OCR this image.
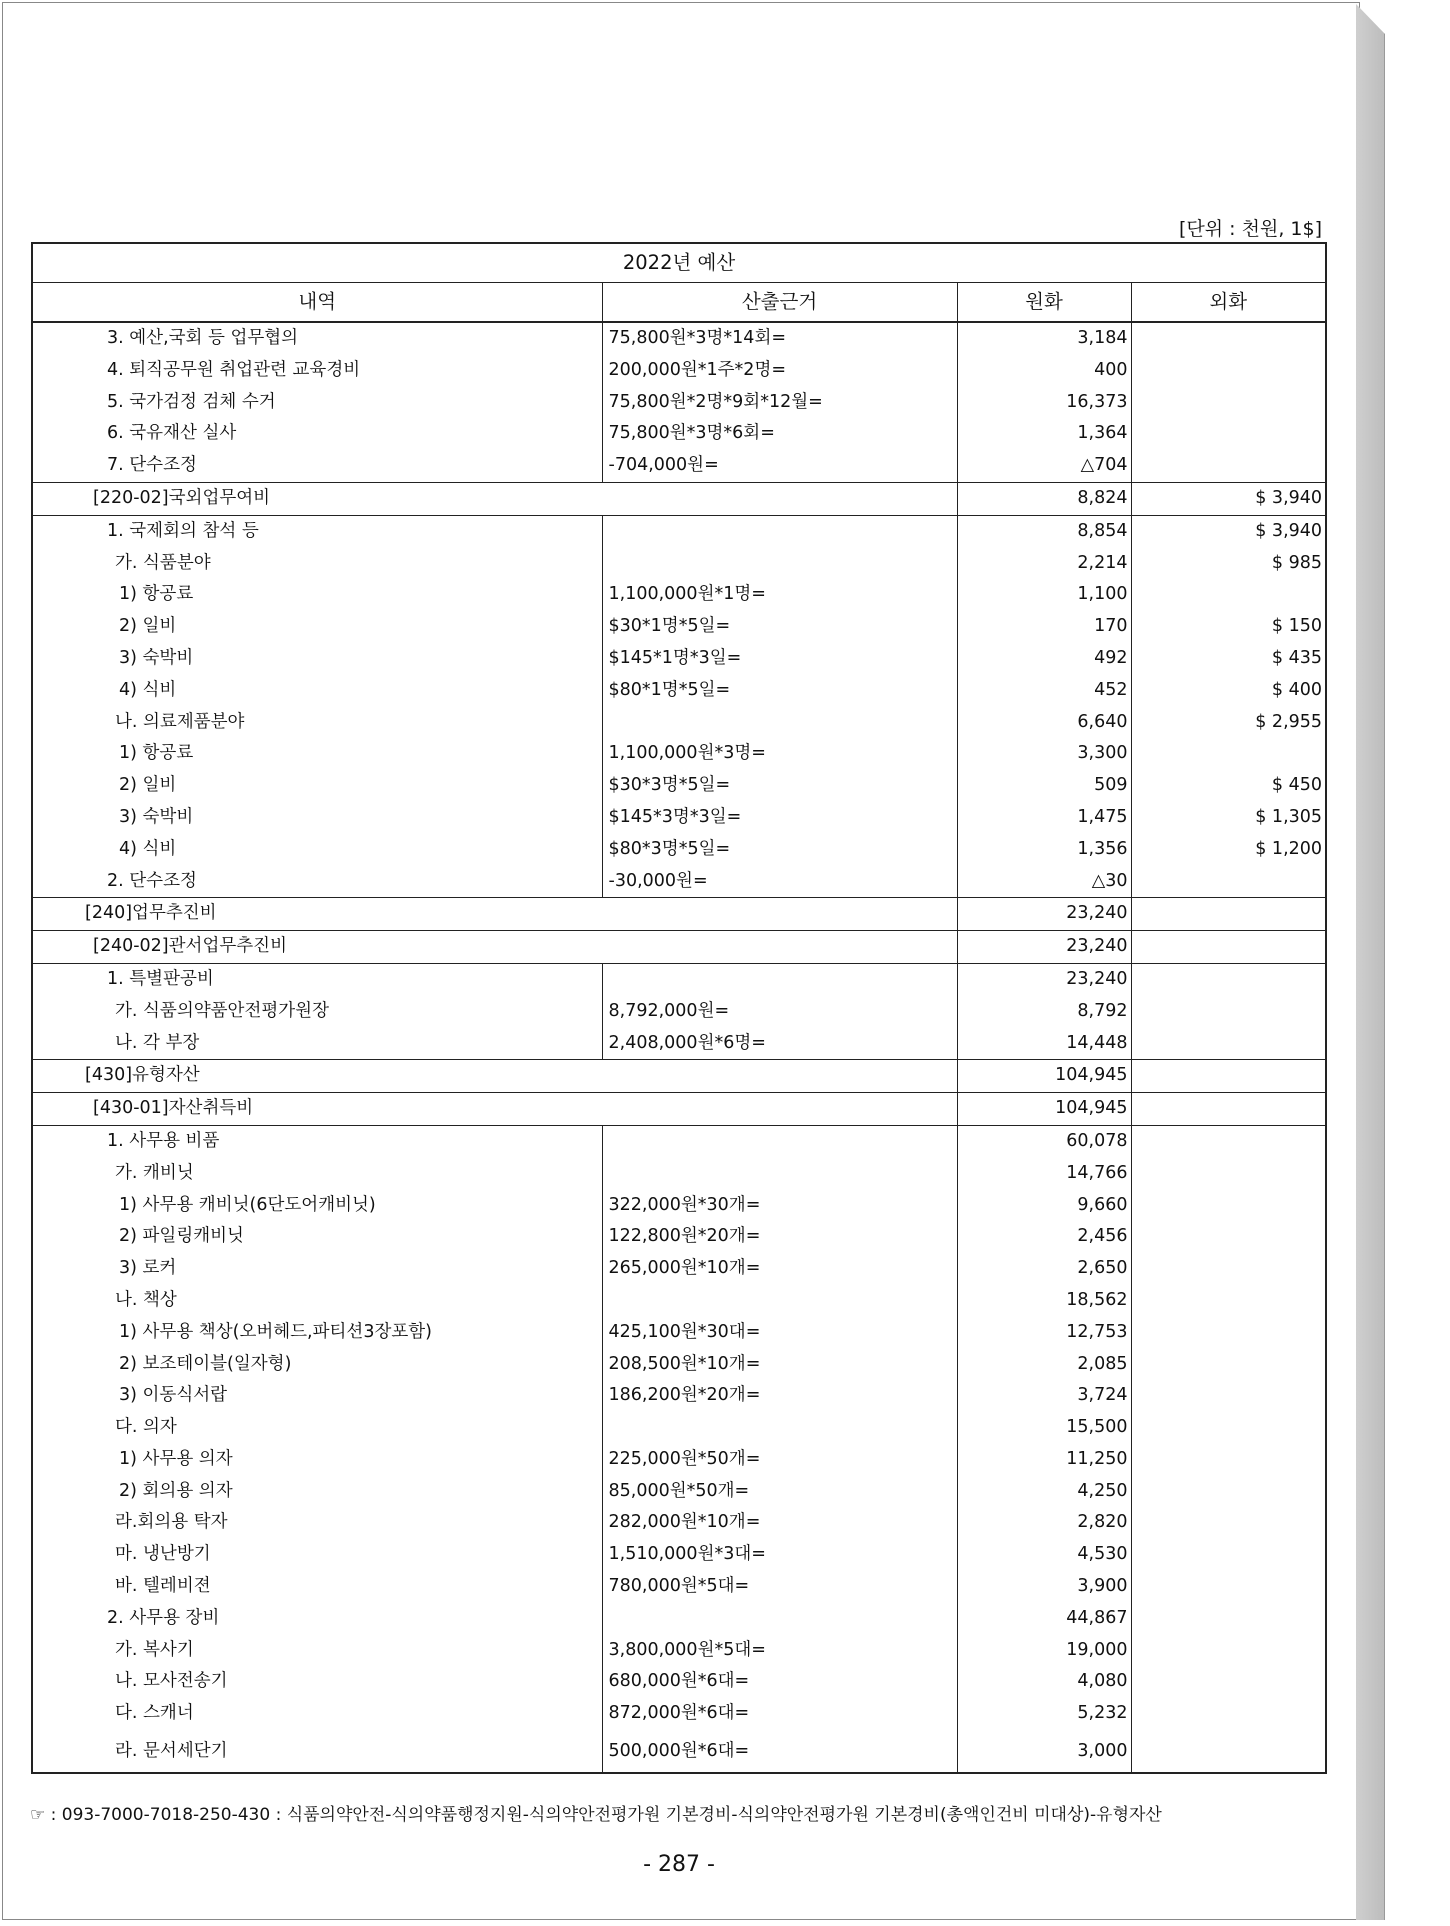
[단위 : 천원, 1$]
2022년 예산			
내역	산출근거	원화	외화
3. 예산,국회 등 업무협의	75,800원*3명*14회=	3,184	
4. 퇴직공무원 취업관련 교육경비	200,000원*1주*2명=	400	
5. 국가검정 검체 수거	75,800원*2명*9회*12월=	16,373	
6. 국유재산 실사	75,800원*3명*6회=	1,364	
7. 단수조정	-704,000원=	△704	
[220-02]국외업무여비		8,824	$ 3,940
1. 국제회의 참석 등		8,854	$ 3,940
가. 식품분야		2,214	$ 985
1) 항공료	1,100,000원*1명=	1,100	
2) 일비	$30*1명*5일=	170	$ 150
3) 숙박비	$145*1명*3일=	492	$ 435
4) 식비	$80*1명*5일=	452	$ 400
나. 의료제품분야		6,640	$ 2,955
1) 항공료	1,100,000원*3명=	3,300	
2) 일비	$30*3명*5일=	509	$ 450
3) 숙박비	$145*3명*3일=	1,475	$ 1,305
4) 식비	$80*3명*5일=	1,356	$ 1,200
2. 단수조정	-30,000원=	△30	
[240]업무추진비		23,240	
[240-02]관서업무추진비		23,240	
1. 특별판공비		23,240	
가. 식품의약품안전평가원장	8,792,000원=	8,792	
나. 각 부장	2,408,000원*6명=	14,448	
[430]유형자산		104,945	
[430-01]자산취득비		104,945	
1. 사무용 비품		60,078	
가. 캐비닛		14,766	
1) 사무용 캐비닛(6단도어캐비닛)	322,000원*30개=	9,660	
2) 파일링캐비닛	122,800원*20개=	2,456	
3) 로커	265,000원*10개=	2,650	
나. 책상		18,562	
1) 사무용 책상(오버헤드,파티션3장포함)	425,100원*30대=	12,753	
2) 보조테이블(일자형)	208,500원*10개=	2,085	
3) 이동식서랍	186,200원*20개=	3,724	
다. 의자		15,500	
1) 사무용 의자	225,000원*50개=	11,250	
2) 회의용 의자	85,000원*50개=	4,250	
라.회의용 탁자	282,000원*10개=	2,820	
마. 냉난방기	1,510,000원*3대=	4,530	
바. 텔레비젼	780,000원*5대=	3,900	
2. 사무용 장비		44,867	
가. 복사기	3,800,000원*5대=	19,000	
나. 모사전송기	680,000원*6대=	4,080	
다. 스캐너	872,000원*6대=	5,232	
라. 문서세단기	500,000원*6대=	3,000	
☞ : 093-7000-7018-250-430 : 식품의약안전-식의약품행정지원-식의약안전평가원 기본경비-식의약안전평가원 기본경비(총액인건비 미대상)-유형자산
- 287 -
